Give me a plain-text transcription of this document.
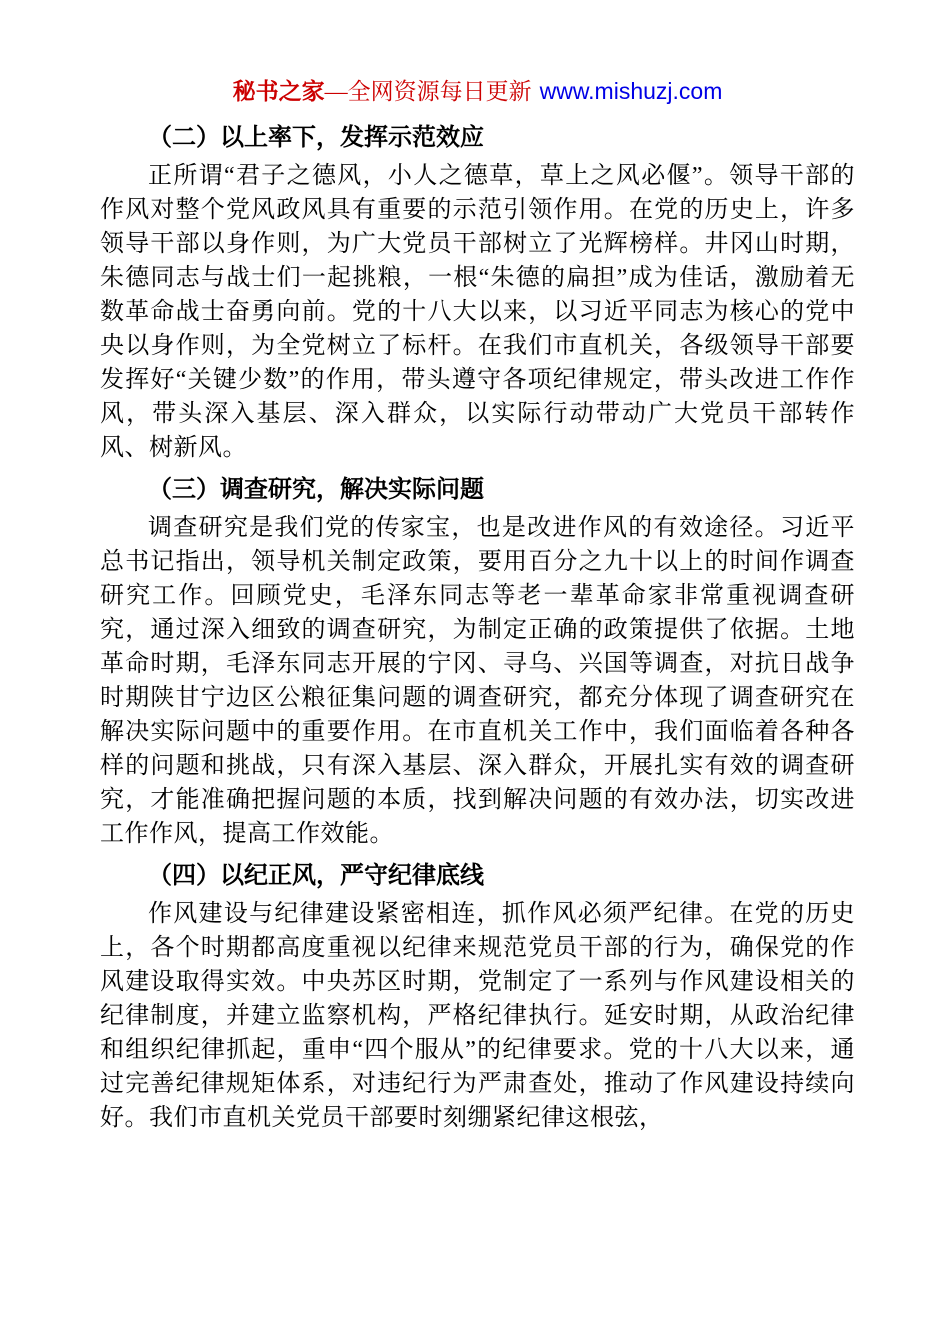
秘书之家—全网资源每日更新 www.mishuzj.com
（二）以上率下，发挥示范效应

正所谓“君子之德风，小人之德草，草上之风必偃”。领导干部的作风对整个党风政风具有重要的示范引领作用。在党的历史上，许多领导干部以身作则，为广大党员干部树立了光辉榜样。井冈山时期，朱德同志与战士们一起挑粮，一根“朱德的扁担”成为佳话，激励着无数革命战士奋勇向前。党的十八大以来，以习近平同志为核心的党中央以身作则，为全党树立了标杆。在我们市直机关，各级领导干部要发挥好“关键少数”的作用，带头遵守各项纪律规定，带头改进工作作风，带头深入基层、深入群众，以实际行动带动广大党员干部转作风、树新风。

（三）调查研究，解决实际问题

调查研究是我们党的传家宝，也是改进作风的有效途径。习近平总书记指出，领导机关制定政策，要用百分之九十以上的时间作调查研究工作。回顾党史，毛泽东同志等老一辈革命家非常重视调查研究，通过深入细致的调查研究，为制定正确的政策提供了依据。土地革命时期，毛泽东同志开展的宁冈、寻乌、兴国等调查，对抗日战争时期陕甘宁边区公粮征集问题的调查研究，都充分体现了调查研究在解决实际问题中的重要作用。在市直机关工作中，我们面临着各种各样的问题和挑战，只有深入基层、深入群众，开展扎实有效的调查研究，才能准确把握问题的本质，找到解决问题的有效办法，切实改进工作作风，提高工作效能。

（四）以纪正风，严守纪律底线

作风建设与纪律建设紧密相连，抓作风必须严纪律。在党的历史上，各个时期都高度重视以纪律来规范党员干部的行为，确保党的作风建设取得实效。中央苏区时期，党制定了一系列与作风建设相关的纪律制度，并建立监察机构，严格纪律执行。延安时期，从政治纪律和组织纪律抓起，重申“四个服从”的纪律要求。党的十八大以来，通过完善纪律规矩体系，对违纪行为严肃查处，推动了作风建设持续向好。我们市直机关党员干部要时刻绷紧纪律这根弦，
